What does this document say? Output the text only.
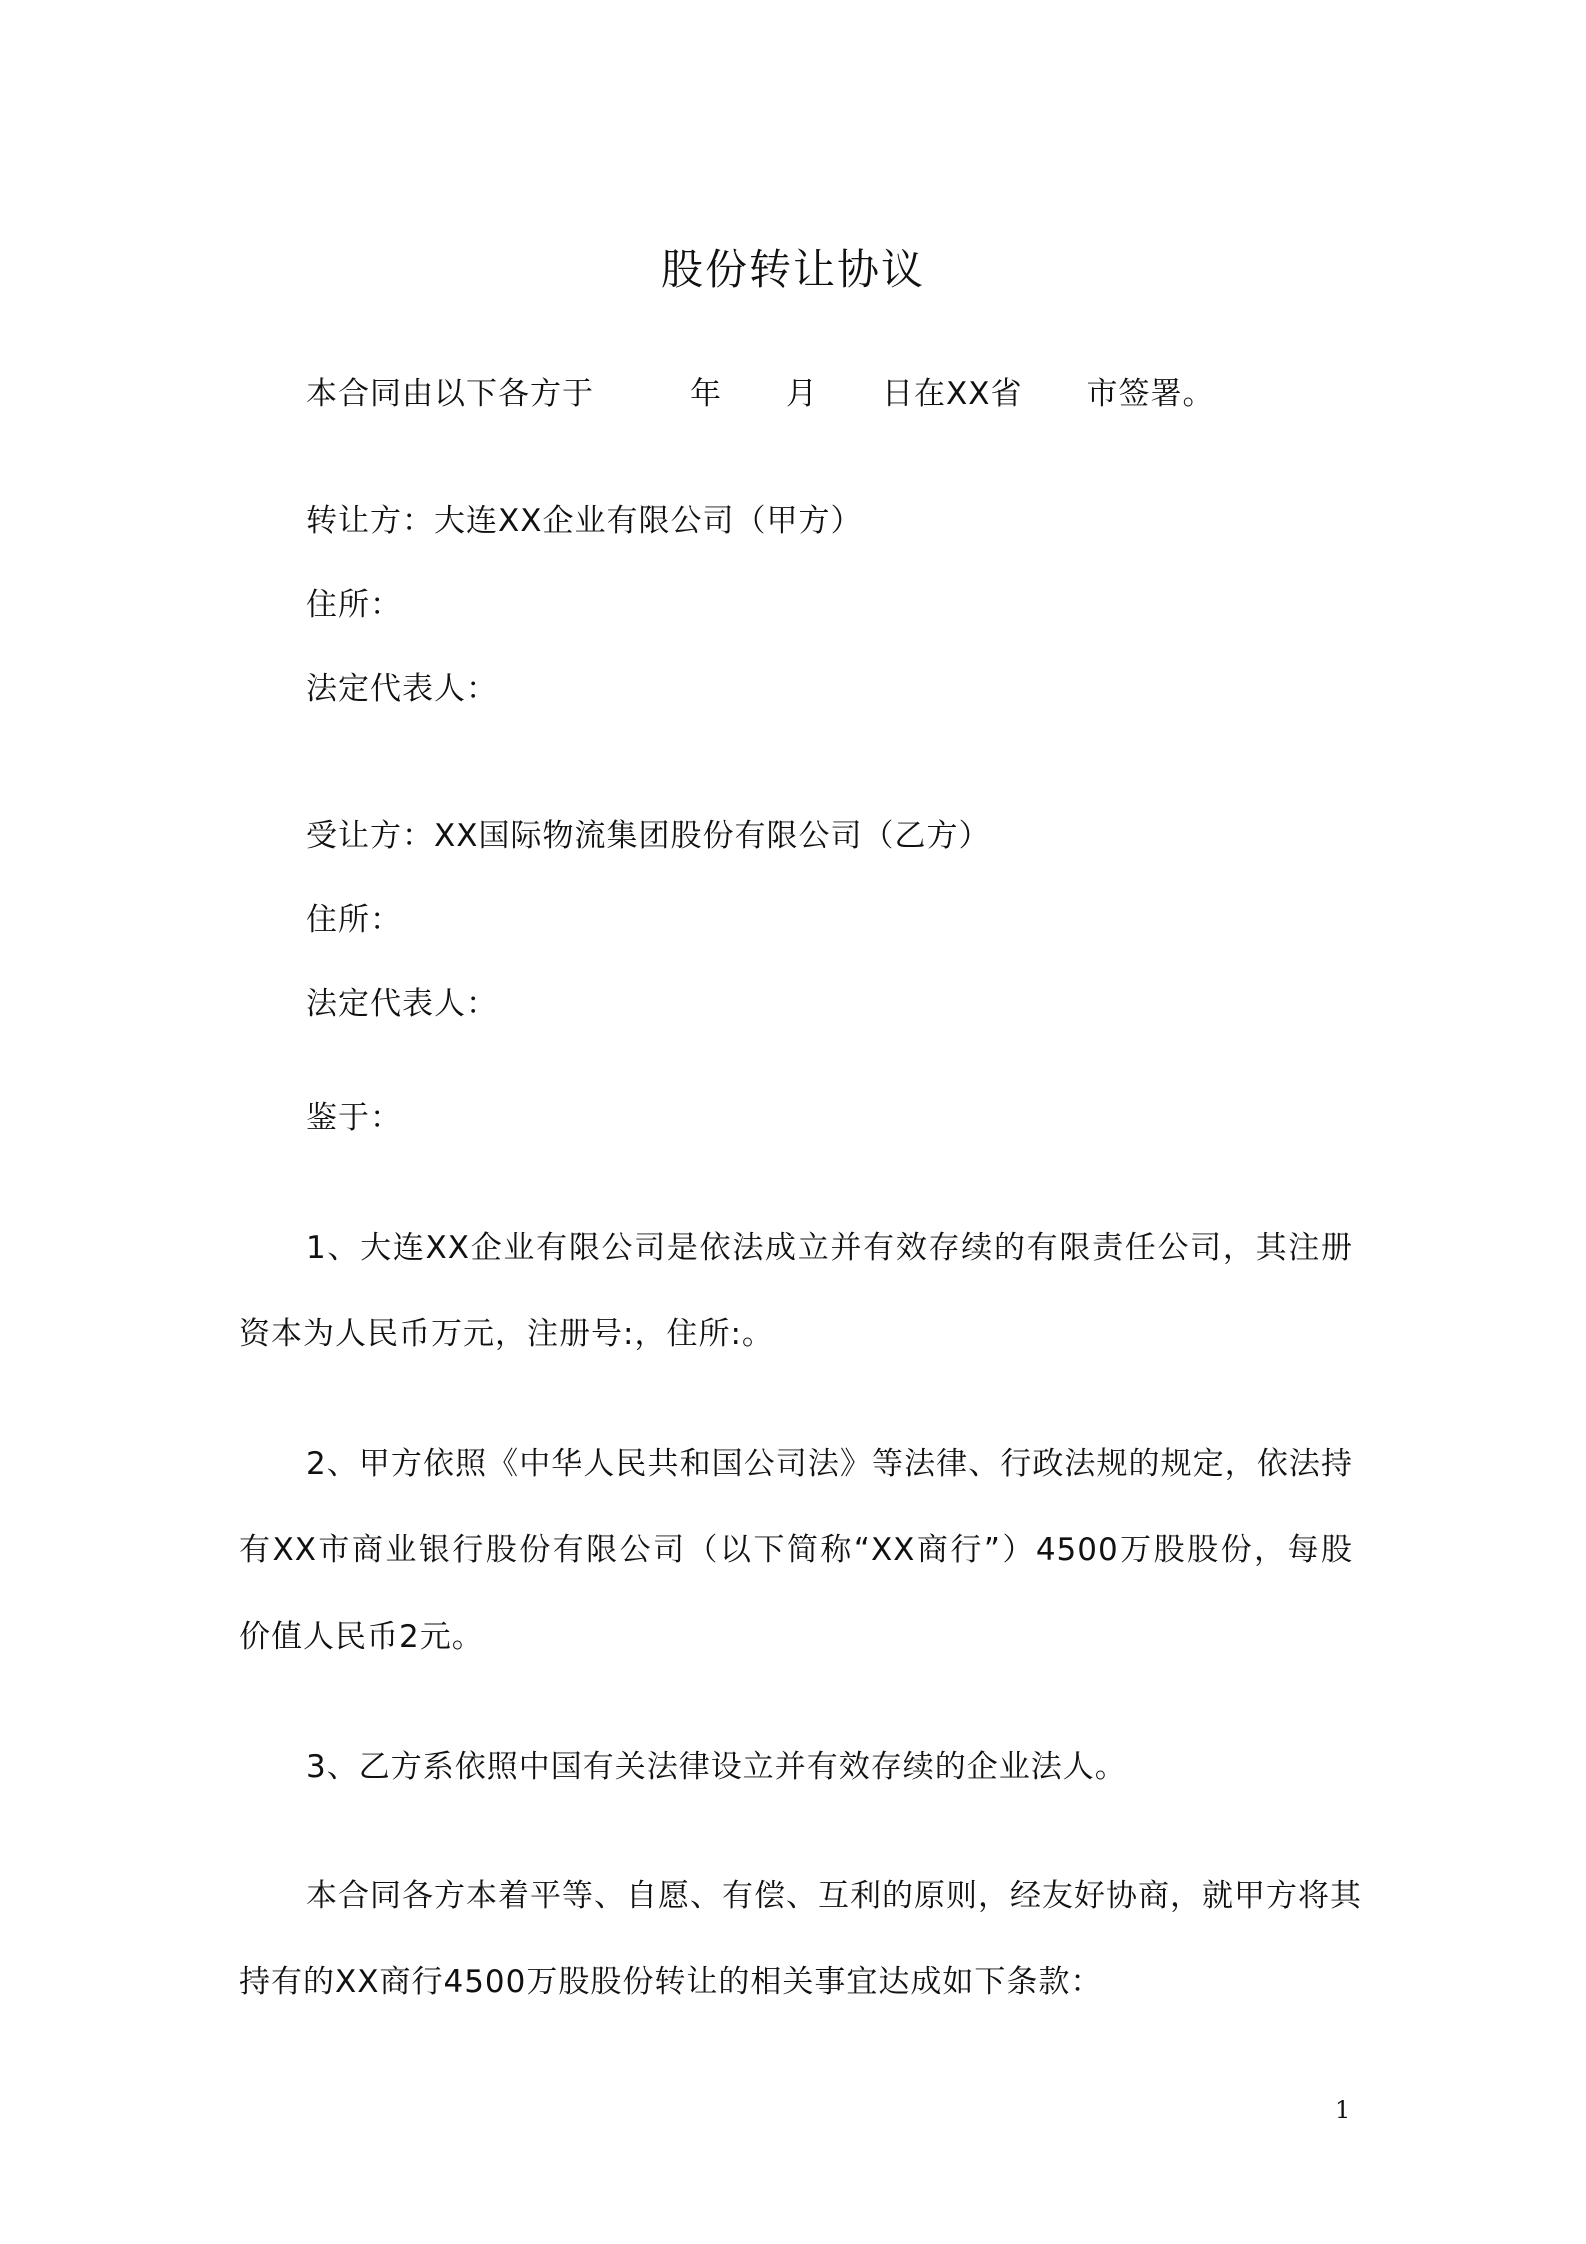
股份转让协议
本合同由以下各方于　　　年　　月　　日在XX省　　市签署。
转让方：大连XX企业有限公司（甲方）
住所：
法定代表人：
受让方：XX国际物流集团股份有限公司（乙方）
住所：
法定代表人：
鉴于：
1、大连XX企业有限公司是依法成立并有效存续的有限责任公司，其注册
资本为人民币万元，注册号:，住所:。
2、甲方依照《中华人民共和国公司法》等法律、行政法规的规定，依法持
有XX市商业银行股份有限公司（以下简称“XX商行”）4500万股股份，每股
价值人民币2元。
3、乙方系依照中国有关法律设立并有效存续的企业法人。
本合同各方本着平等、自愿、有偿、互利的原则，经友好协商，就甲方将其
持有的XX商行4500万股股份转让的相关事宜达成如下条款：
1
